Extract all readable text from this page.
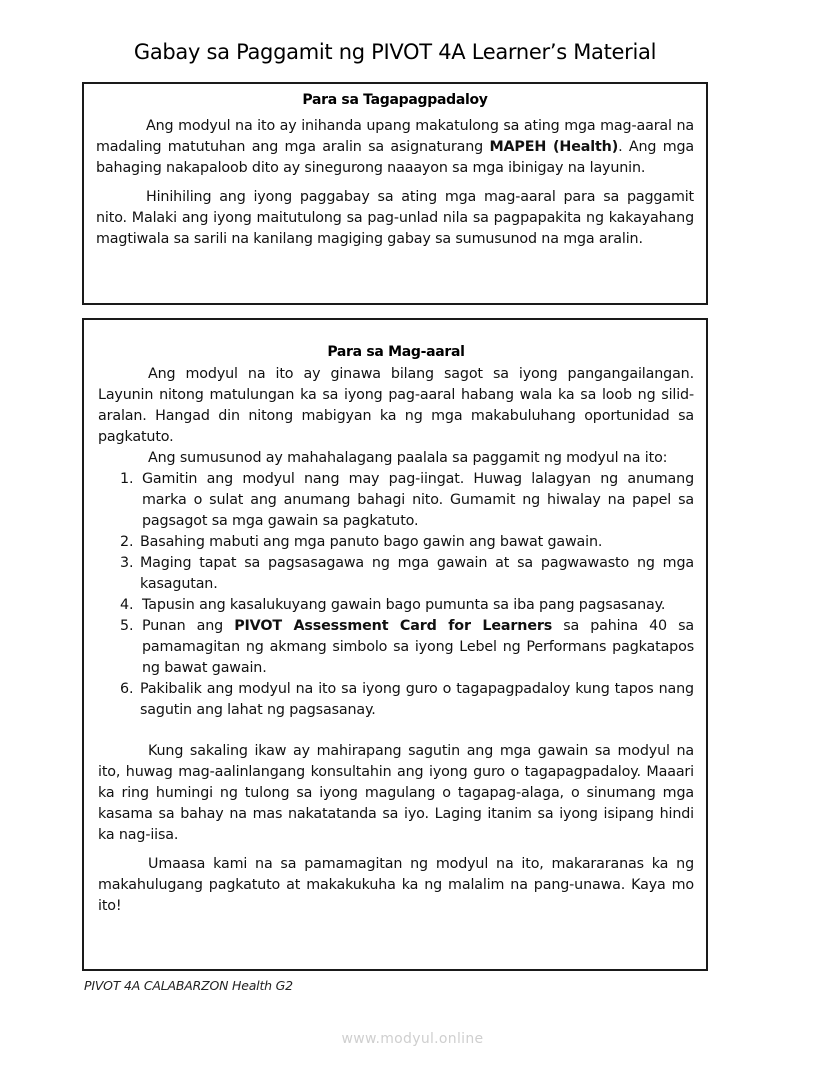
Gabay sa Paggamit ng PIVOT 4A Learner’s Material
Para sa Tagapagpadaloy

Ang modyul na ito ay inihanda upang makatulong sa ating mga mag-aaral na madaling matutuhan ang mga aralin sa asignaturang MAPEH (Health). Ang mga bahaging nakapaloob dito ay sinegurong naaayon sa mga ibinigay na layunin.

Hinihiling ang iyong paggabay sa ating mga mag-aaral para sa paggamit nito. Malaki ang iyong maitutulong sa pag-unlad nila sa pagpapakita ng kakayahang magtiwala sa sarili na kanilang magiging gabay sa sumusunod na mga aralin.

Para sa Mag-aaral

Ang modyul na ito ay ginawa bilang sagot sa iyong pangangailangan. Layunin nitong matulungan ka sa iyong pag-aaral habang wala ka sa loob ng silid-aralan. Hangad din nitong mabigyan ka ng mga makabuluhang oportunidad sa pagkatuto.

Ang sumusunod ay mahahalagang paalala sa paggamit ng modyul na ito:

1. Gamitin ang modyul nang may pag-iingat. Huwag lalagyan ng anumang marka o sulat ang anumang bahagi nito. Gumamit ng hiwalay na papel sa pagsagot sa mga gawain sa pagkatuto.
2. Basahing mabuti ang mga panuto bago gawin ang bawat gawain.
3. Maging tapat sa pagsasagawa ng mga gawain at sa pagwawasto ng mga kasagutan.
4. Tapusin ang kasalukuyang gawain bago pumunta sa iba pang pagsasanay.
5. Punan ang PIVOT Assessment Card for Learners sa pahina 40 sa pamamagitan ng akmang simbolo sa iyong Lebel ng Performans pagkatapos ng bawat gawain.
6. Pakibalik ang modyul na ito sa iyong guro o tagapagpadaloy kung tapos nang sagutin ang lahat ng pagsasanay.

Kung sakaling ikaw ay mahirapang sagutin ang mga gawain sa modyul na ito, huwag mag-aalinlangang konsultahin ang iyong guro o tagapagpadaloy. Maaari ka ring humingi ng tulong sa iyong magulang o tagapag-alaga, o sinumang mga kasama sa bahay na mas nakatatanda sa iyo. Laging itanim sa iyong isipang hindi ka nag-iisa.

Umaasa kami na sa pamamagitan ng modyul na ito, makararanas ka ng makahulugang pagkatuto at makakukuha ka ng malalim na pang-unawa. Kaya mo ito!

PIVOT 4A CALABARZON Health G2
www.modyul.online
